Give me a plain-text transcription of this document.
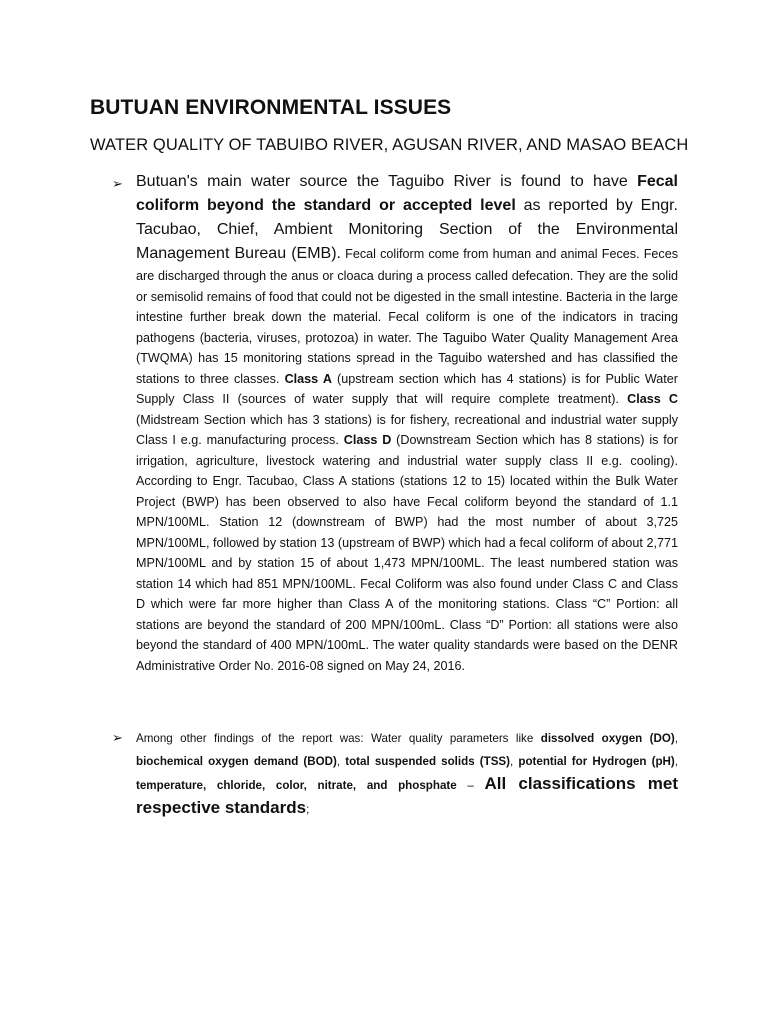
BUTUAN ENVIRONMENTAL ISSUES
WATER QUALITY OF TABUIBO RIVER, AGUSAN RIVER, AND MASAO BEACH
➢ Butuan's main water source the Taguibo River is found to have Fecal coliform beyond the standard or accepted level as reported by Engr. Tacubao, Chief, Ambient Monitoring Section of the Environmental Management Bureau (EMB). Fecal coliform come from human and animal Feces. Feces are discharged through the anus or cloaca during a process called defecation. They are the solid or semisolid remains of food that could not be digested in the small intestine. Bacteria in the large intestine further break down the material. Fecal coliform is one of the indicators in tracing pathogens (bacteria, viruses, protozoa) in water. The Taguibo Water Quality Management Area (TWQMA) has 15 monitoring stations spread in the Taguibo watershed and has classified the stations to three classes. Class A (upstream section which has 4 stations) is for Public Water Supply Class II (sources of water supply that will require complete treatment). Class C (Midstream Section which has 3 stations) is for fishery, recreational and industrial water supply Class I e.g. manufacturing process. Class D (Downstream Section which has 8 stations) is for irrigation, agriculture, livestock watering and industrial water supply class II e.g. cooling). According to Engr. Tacubao, Class A stations (stations 12 to 15) located within the Bulk Water Project (BWP) has been observed to also have Fecal coliform beyond the standard of 1.1 MPN/100ML. Station 12 (downstream of BWP) had the most number of about 3,725 MPN/100ML, followed by station 13 (upstream of BWP) which had a fecal coliform of about 2,771 MPN/100ML and by station 15 of about 1,473 MPN/100ML. The least numbered station was station 14 which had 851 MPN/100ML. Fecal Coliform was also found under Class C and Class D which were far more higher than Class A of the monitoring stations. Class “C” Portion: all stations are beyond the standard of 200 MPN/100mL. Class “D” Portion: all stations were also beyond the standard of 400 MPN/100mL. The water quality standards were based on the DENR Administrative Order No. 2016-08 signed on May 24, 2016.
➢ Among other findings of the report was: Water quality parameters like dissolved oxygen (DO), biochemical oxygen demand (BOD), total suspended solids (TSS), potential for Hydrogen (pH), temperature, chloride, color, nitrate, and phosphate – All classifications met respective standards;
